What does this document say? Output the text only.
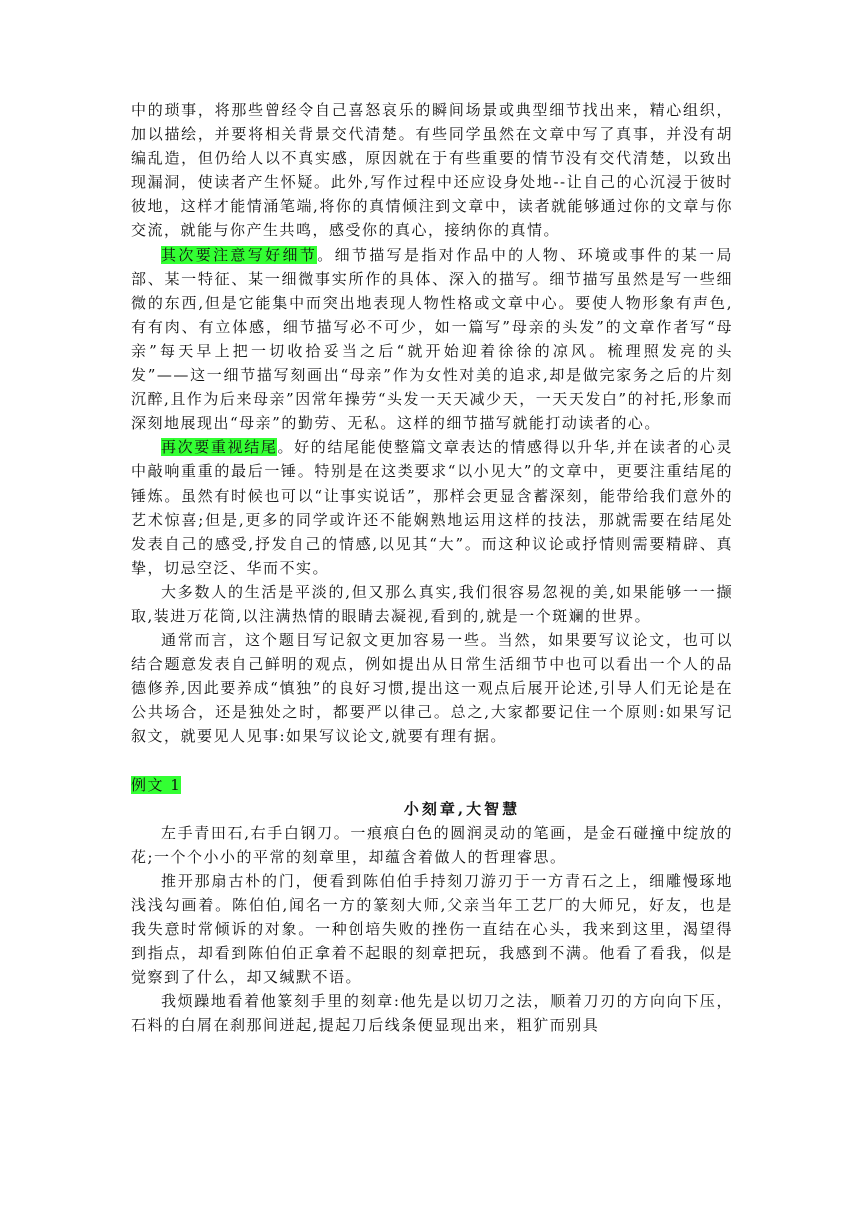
中的琐事，将那些曾经令自己喜怒哀乐的瞬间场景或典型细节找出来，精心组织，加以描绘，并要将相关背景交代清楚。有些同学虽然在文章中写了真事，并没有胡编乱造，但仍给人以不真实感，原因就在于有些重要的情节没有交代清楚，以致出现漏洞，使读者产生怀疑。此外,写作过程中还应设身处地--让自己的心沉浸于彼时彼地，这样才能情涌笔端,将你的真情倾注到文章中，读者就能够通过你的文章与你交流，就能与你产生共鸣，感受你的真心，接纳你的真情。

其次要注意写好细节。细节描写是指对作品中的人物、环境或事件的某一局部、某一特征、某一细微事实所作的具体、深入的描写。细节描写虽然是写一些细微的东西,但是它能集中而突出地表现人物性格或文章中心。要使人物形象有声色,有有肉、有立体感，细节描写必不可少，如一篇写”母亲的头发”的文章作者写“母亲”每天早上把一切收拾妥当之后“就开始迎着徐徐的凉风。梳理照发亮的头发”——这一细节描写刻画出“母亲”作为女性对美的追求,却是做完家务之后的片刻沉醉,且作为后来母亲”因常年操劳“头发一天天减少天，一天天发白”的衬托,形象而深刻地展现出“母亲”的勤劳、无私。这样的细节描写就能打动读者的心。

再次要重视结尾。好的结尾能使整篇文章表达的情感得以升华,并在读者的心灵中敲响重重的最后一锤。特别是在这类要求“以小见大”的文章中，更要注重结尾的锤炼。虽然有时候也可以“让事实说话”，那样会更显含蓄深刻，能带给我们意外的艺术惊喜;但是,更多的同学或许还不能娴熟地运用这样的技法，那就需要在结尾处发表自己的感受,抒发自己的情感,以见其“大”。而这种议论或抒情则需要精辟、真挚，切忌空泛、华而不实。

大多数人的生活是平淡的,但又那么真实,我们很容易忽视的美,如果能够一一撷取,装进万花筒,以注满热情的眼睛去凝视,看到的,就是一个斑斓的世界。

通常而言，这个题目写记叙文更加容易一些。当然，如果要写议论文，也可以结合题意发表自己鲜明的观点，例如提出从日常生活细节中也可以看出一个人的品德修养,因此要养成“慎独”的良好习惯,提出这一观点后展开论述,引导人们无论是在公共场合，还是独处之时，都要严以律己。总之,大家都要记住一个原则:如果写记叙文，就要见人见事:如果写议论文,就要有理有据。

例文 1
小刻章,大智慧

左手青田石,右手白钢刀。一痕痕白色的圆润灵动的笔画，是金石碰撞中绽放的花;一个个小小的平常的刻章里，却蕴含着做人的哲理睿思。

推开那扇古朴的门，便看到陈伯伯手持刻刀游刃于一方青石之上，细雕慢琢地浅浅勾画着。陈伯伯,闻名一方的篆刻大师,父亲当年工艺厂的大师兄，好友，也是我失意时常倾诉的对象。一种创培失败的挫伤一直结在心头，我来到这里，渴望得到指点，却看到陈伯伯正拿着不起眼的刻章把玩，我感到不满。他看了看我，似是觉察到了什么，却又缄默不语。

我烦躁地看着他篆刻手里的刻章:他先是以切刀之法，顺着刀刃的方向向下压，石料的白屑在刹那间迸起,提起刀后线条便显现出来，粗犷而别具
